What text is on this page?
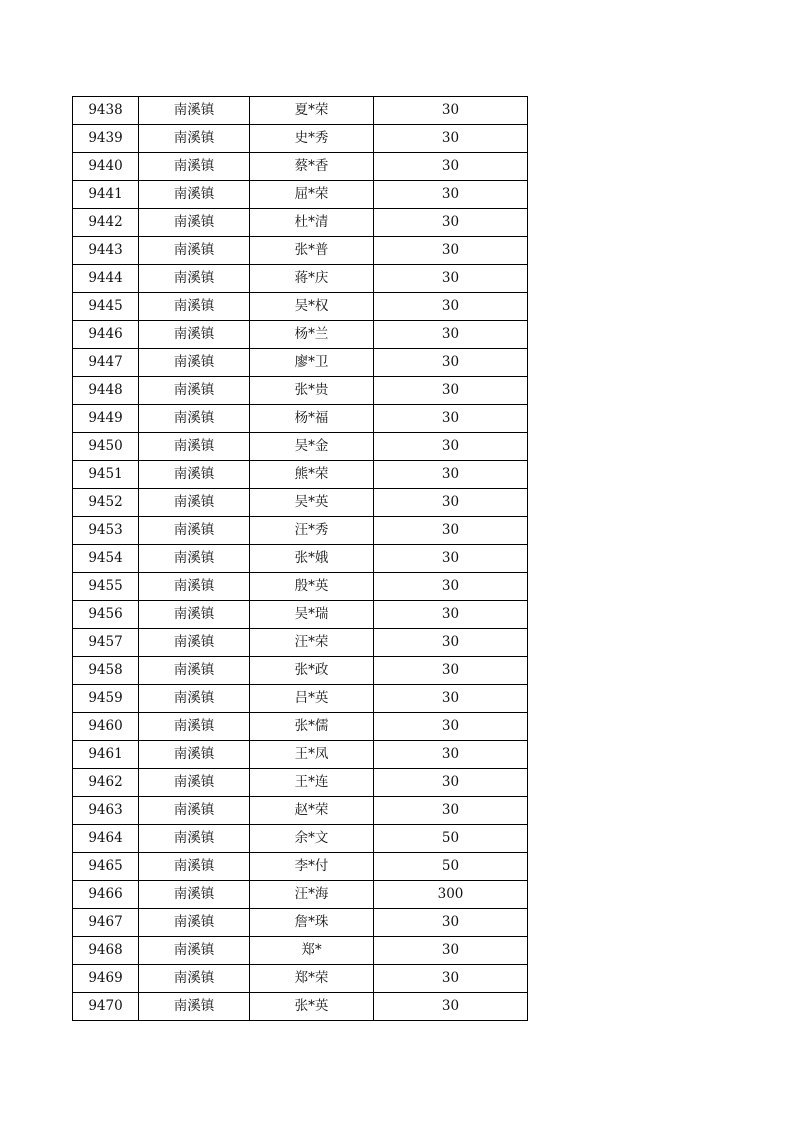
9438	南溪镇	夏*荣	30
9439	南溪镇	史*秀	30
9440	南溪镇	蔡*香	30
9441	南溪镇	屈*荣	30
9442	南溪镇	杜*清	30
9443	南溪镇	张*普	30
9444	南溪镇	蒋*庆	30
9445	南溪镇	吴*权	30
9446	南溪镇	杨*兰	30
9447	南溪镇	廖*卫	30
9448	南溪镇	张*贵	30
9449	南溪镇	杨*福	30
9450	南溪镇	吴*金	30
9451	南溪镇	熊*荣	30
9452	南溪镇	吴*英	30
9453	南溪镇	汪*秀	30
9454	南溪镇	张*娥	30
9455	南溪镇	殷*英	30
9456	南溪镇	吴*瑞	30
9457	南溪镇	汪*荣	30
9458	南溪镇	张*政	30
9459	南溪镇	吕*英	30
9460	南溪镇	张*儒	30
9461	南溪镇	王*凤	30
9462	南溪镇	王*连	30
9463	南溪镇	赵*荣	30
9464	南溪镇	余*文	50
9465	南溪镇	李*付	50
9466	南溪镇	汪*海	300
9467	南溪镇	詹*珠	30
9468	南溪镇	郑*	30
9469	南溪镇	郑*荣	30
9470	南溪镇	张*英	30
